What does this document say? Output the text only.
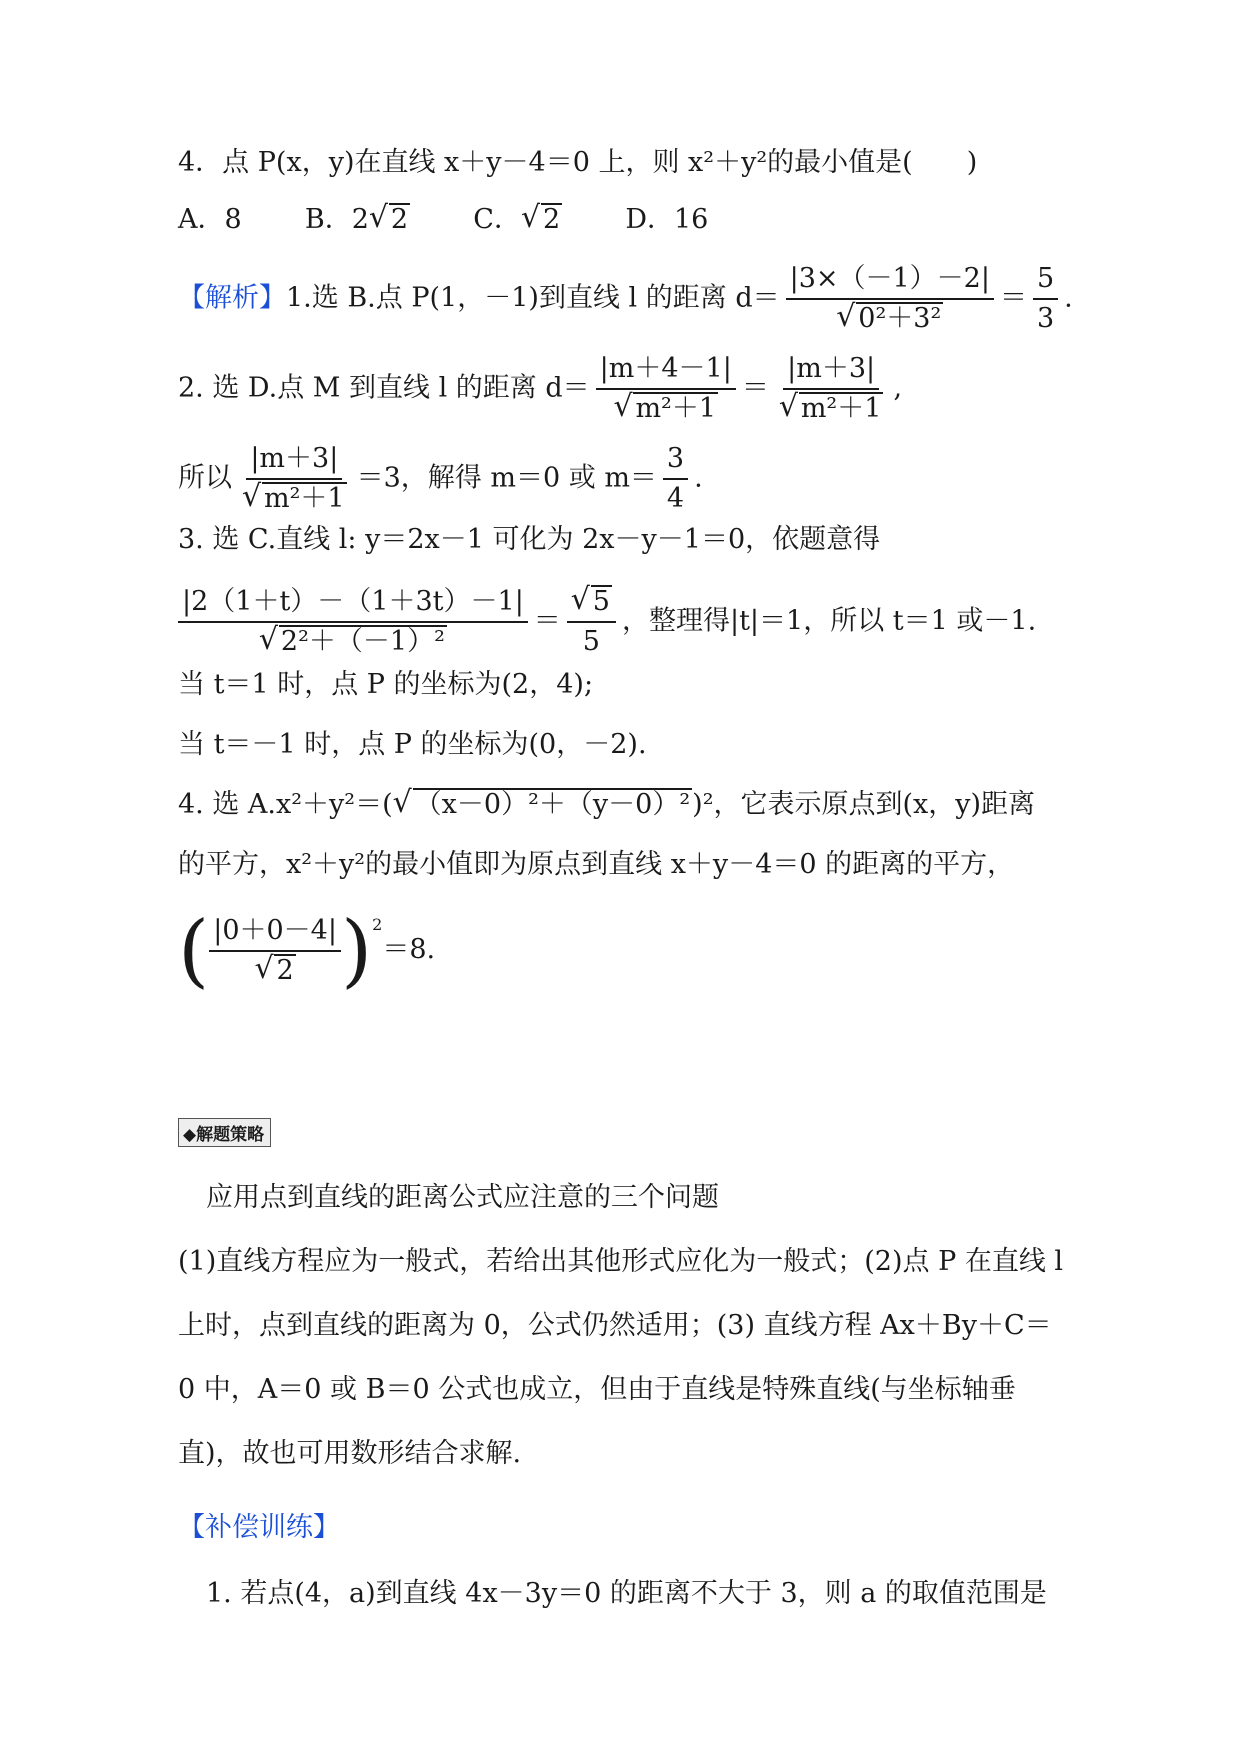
4．点 P(x，y)在直线 x＋y－4＝0 上，则 x²＋y²的最小值是(　　)
A．8 B．2 √ 2 C． √ 2 D．16
【解析】1.选 B.点 P(1，－1)到直线 l 的距离 d＝ |3×（－1）－2|
√ $0^2+3^2 = \frac{5}{3}$ .
2. 选 D.点 M 到直线 l 的距离 d＝ |m＋4－1|
√ m²＋1 ＝ |m＋3|
√ m²＋1 ,
所以 |m＋3|
√ m²＋1 ＝3，解得 m＝0 或 $m= \frac{3}{4}$ .
3. 选 C.直线 l: y＝2x－1 可化为 2x－y－1＝0，依题意得
|2（1＋t）－（1＋3t）－1|
√ 2²＋（－1）² ＝ √ $\frac{5}{5}$ ，整理得|t|＝1，所以 t＝1 或－1.
当 t＝1 时，点 P 的坐标为(2，4);
当 t＝－1 时，点 P 的坐标为(0，－2).
4. 选 A.x²＋y²＝( √ （x－0）²＋（y－0）²)²，它表示原点到(x，y)距离
的平方，x²＋y²的最小值即为原点到直线 x＋y－4＝0 的距离的平方，
( |0＋0－4|
√ 2 )$^2$＝8.
◆解题策略
应用点到直线的距离公式应注意的三个问题
(1)直线方程应为一般式，若给出其他形式应化为一般式；(2)点 P 在直线 l 上时，点到直线的距离为 0，公式仍然适用；(3) 直线方程 Ax＋By＋C＝0 中，A＝0 或 B＝0 公式也成立，但由于直线是特殊直线(与坐标轴垂直)，故也可用数形结合求解.
【补偿训练】
1. 若点(4，a)到直线 4x－3y＝0 的距离不大于 3，则 a 的取值范围是
